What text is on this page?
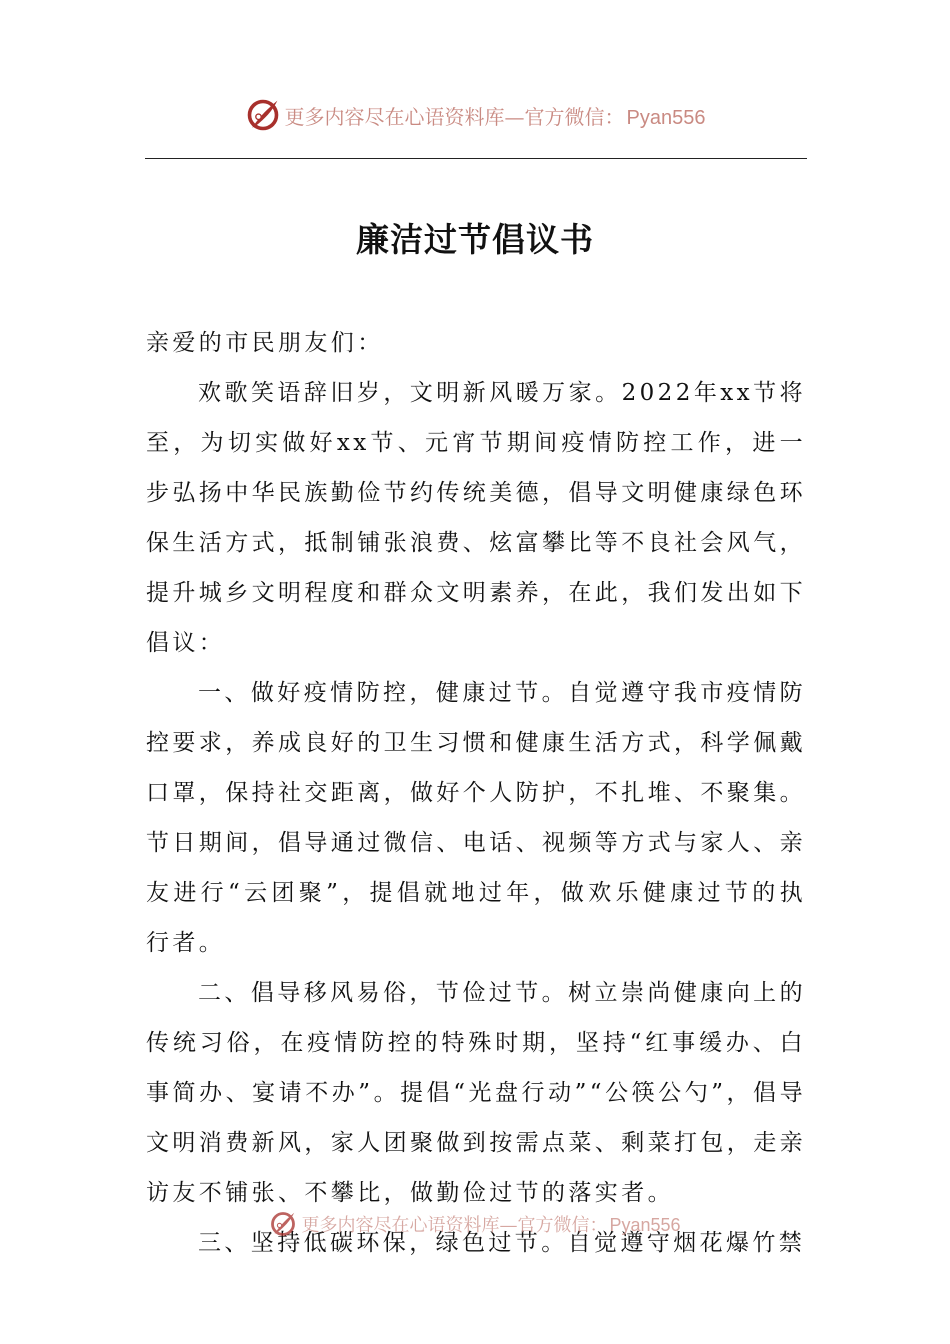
更多内容尽在心语资料库—官方微信： Pyan556
廉洁过节倡议书

亲爱的市民朋友们：

欢歌笑语辞旧岁，文明新风暖万家。2022年xx节将至，为切实做好xx节、元宵节期间疫情防控工作，进一步弘扬中华民族勤俭节约传统美德，倡导文明健康绿色环保生活方式，抵制铺张浪费、炫富攀比等不良社会风气，提升城乡文明程度和群众文明素养，在此，我们发出如下倡议：

一、做好疫情防控，健康过节。自觉遵守我市疫情防控要求，养成良好的卫生习惯和健康生活方式，科学佩戴口罩，保持社交距离，做好个人防护，不扎堆、不聚集。节日期间，倡导通过微信、电话、视频等方式与家人、亲友进行“云团聚”，提倡就地过年，做欢乐健康过节的执行者。

二、倡导移风易俗，节俭过节。树立崇尚健康向上的传统习俗，在疫情防控的特殊时期，坚持“红事缓办、白事简办、宴请不办”。提倡“光盘行动”“公筷公勺”，倡导文明消费新风，家人团聚做到按需点菜、剩菜打包，走亲访友不铺张、不攀比，做勤俭过节的落实者。

三、坚持低碳环保，绿色过节。自觉遵守烟花爆竹禁

更多内容尽在心语资料库—官方微信： Pyan556
